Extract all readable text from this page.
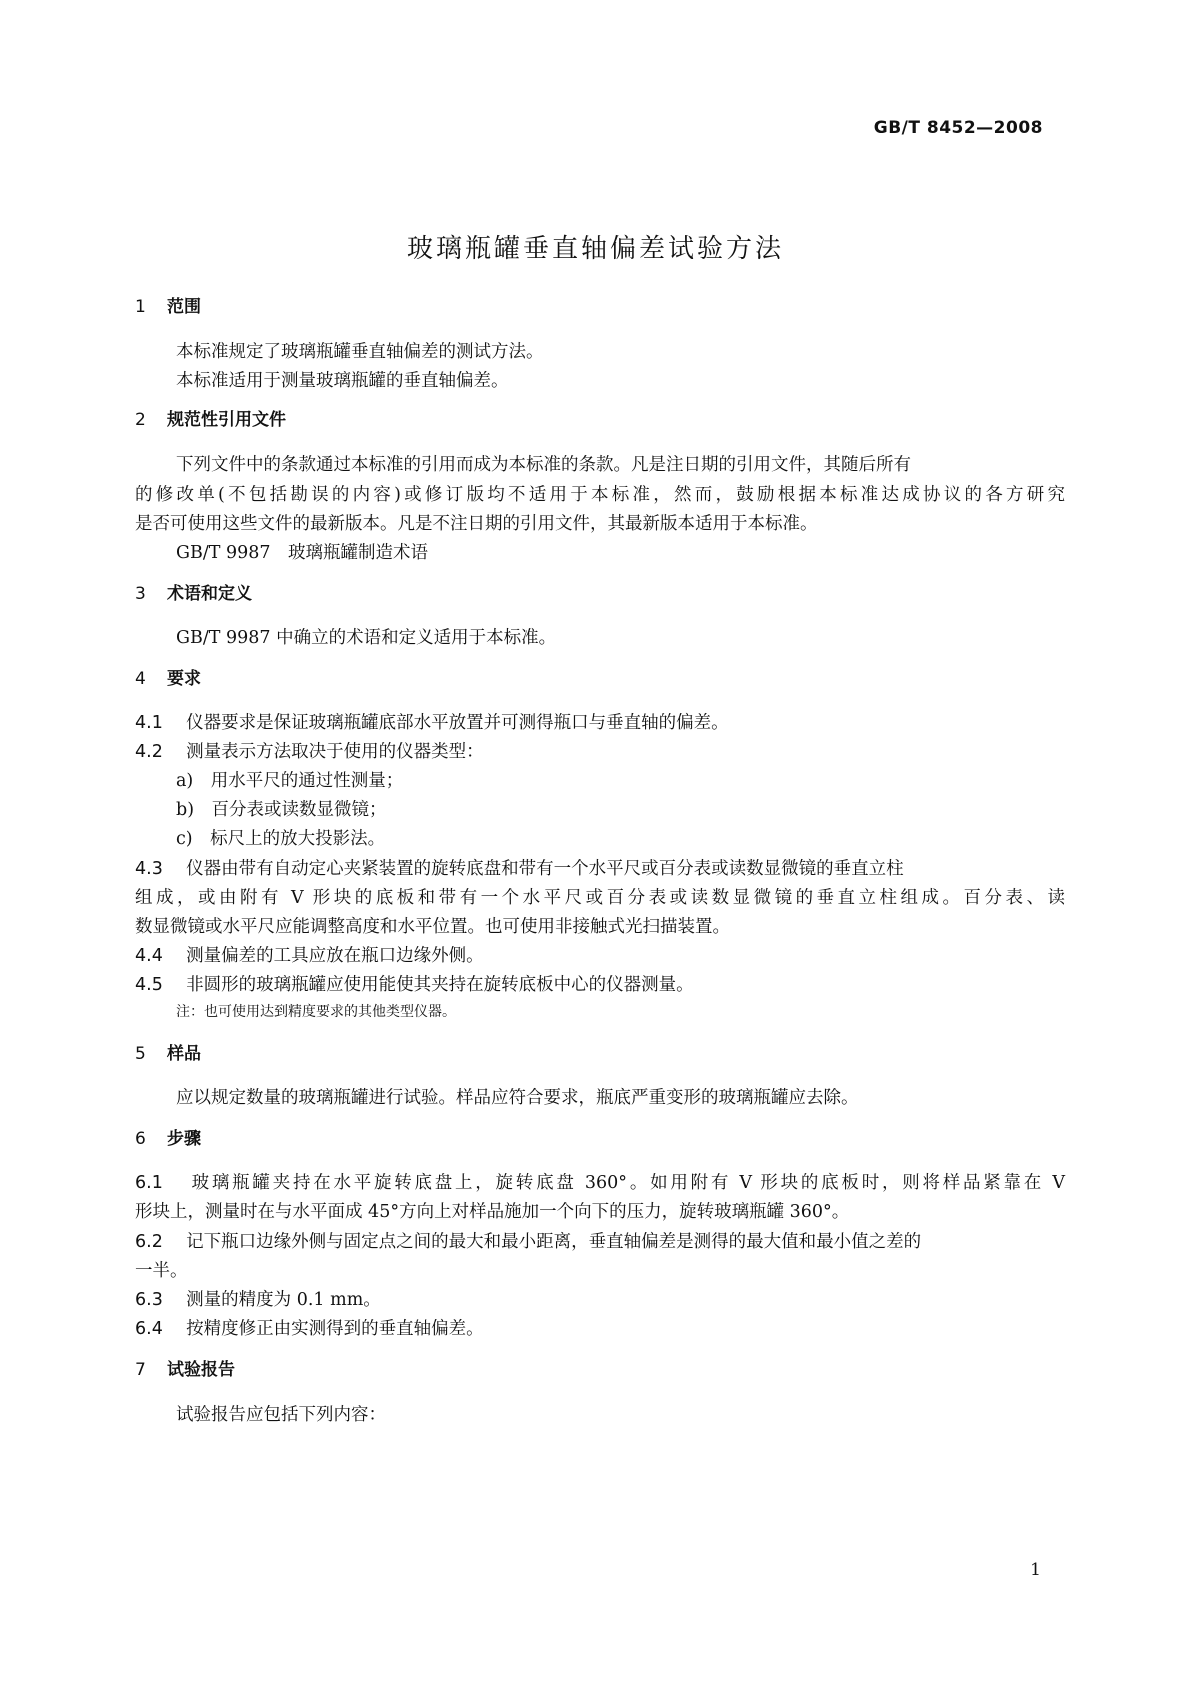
GB/T 8452—2008
玻璃瓶罐垂直轴偏差试验方法
1 范围
本标准规定了玻璃瓶罐垂直轴偏差的测试方法。
本标准适用于测量玻璃瓶罐的垂直轴偏差。
2 规范性引用文件
下列文件中的条款通过本标准的引用而成为本标准的条款。凡是注日期的引用文件，其随后所有
的修改单(不包括勘误的内容)或修订版均不适用于本标准，然而，鼓励根据本标准达成协议的各方研究
是否可使用这些文件的最新版本。凡是不注日期的引用文件，其最新版本适用于本标准。
GB/T 9987　玻璃瓶罐制造术语
3 术语和定义
GB/T 9987 中确立的术语和定义适用于本标准。
4 要求
4.1 仪器要求是保证玻璃瓶罐底部水平放置并可测得瓶口与垂直轴的偏差。
4.2 测量表示方法取决于使用的仪器类型：
a)　用水平尺的通过性测量；
b)　百分表或读数显微镜；
c)　标尺上的放大投影法。
4.3 仪器由带有自动定心夹紧装置的旋转底盘和带有一个水平尺或百分表或读数显微镜的垂直立柱
组成，或由附有 V 形块的底板和带有一个水平尺或百分表或读数显微镜的垂直立柱组成。百分表、读
数显微镜或水平尺应能调整高度和水平位置。也可使用非接触式光扫描装置。
4.4 测量偏差的工具应放在瓶口边缘外侧。
4.5 非圆形的玻璃瓶罐应使用能使其夹持在旋转底板中心的仪器测量。
注：也可使用达到精度要求的其他类型仪器。
5 样品
应以规定数量的玻璃瓶罐进行试验。样品应符合要求，瓶底严重变形的玻璃瓶罐应去除。
6 步骤
6.1 玻璃瓶罐夹持在水平旋转底盘上，旋转底盘 360°。如用附有 V 形块的底板时，则将样品紧靠在 V
形块上，测量时在与水平面成 45°方向上对样品施加一个向下的压力，旋转玻璃瓶罐 360°。
6.2 记下瓶口边缘外侧与固定点之间的最大和最小距离，垂直轴偏差是测得的最大值和最小值之差的
一半。
6.3 测量的精度为 0.1 mm。
6.4 按精度修正由实测得到的垂直轴偏差。
7 试验报告
试验报告应包括下列内容：
1
